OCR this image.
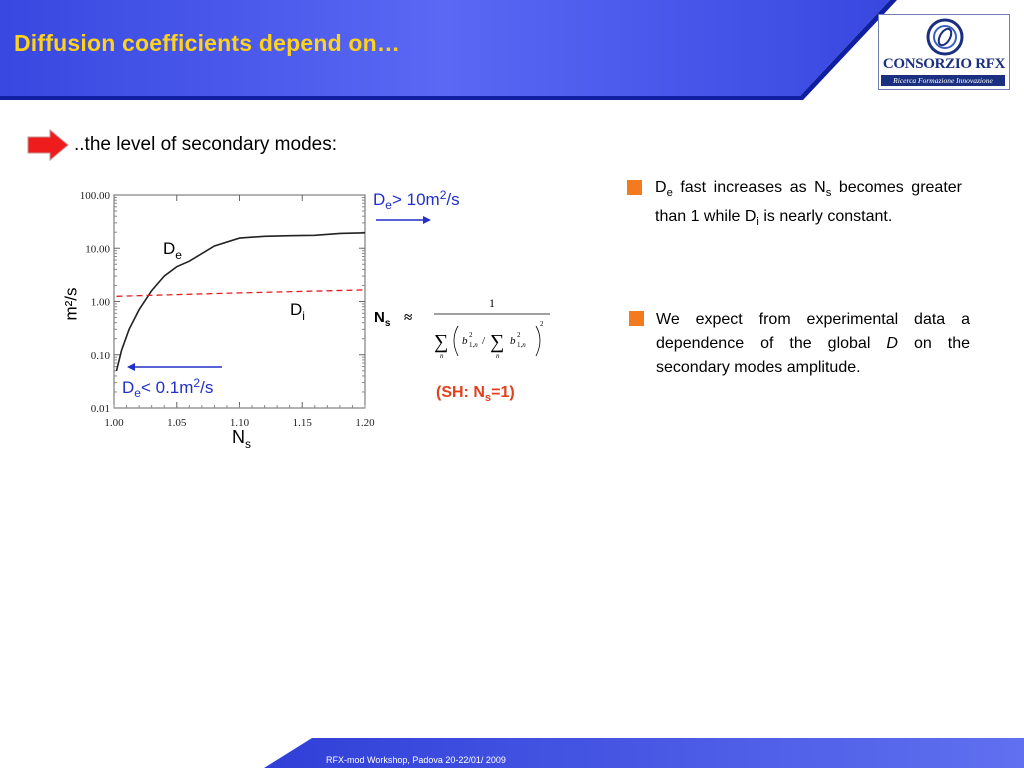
Diffusion coefficients depend on…
CONSORZIO RFX
Ricerca Formazione Innovazione
..the level of secondary modes:
100.00
10.00
1.00
0.10
0.01
1.00	1.05	1.10	1.15	1.20
m²/s
$N_s$
$D_e$
$D_i$
$D_e> 10m^2/s$
$D_e< 0.1m^2/s$
$N_s$ ≈
1
∑
n
b 2
1,n / ∑
n
b 2
1,n
2
(SH: $N_s=1$)
$D_e$ fast increases as $N_s$ becomes greater than 1 while $D_i$ is nearly constant.
We expect from experimental data a dependence of the global D on the secondary modes amplitude.
RFX-mod Workshop, Padova 20-22/01/ 2009
